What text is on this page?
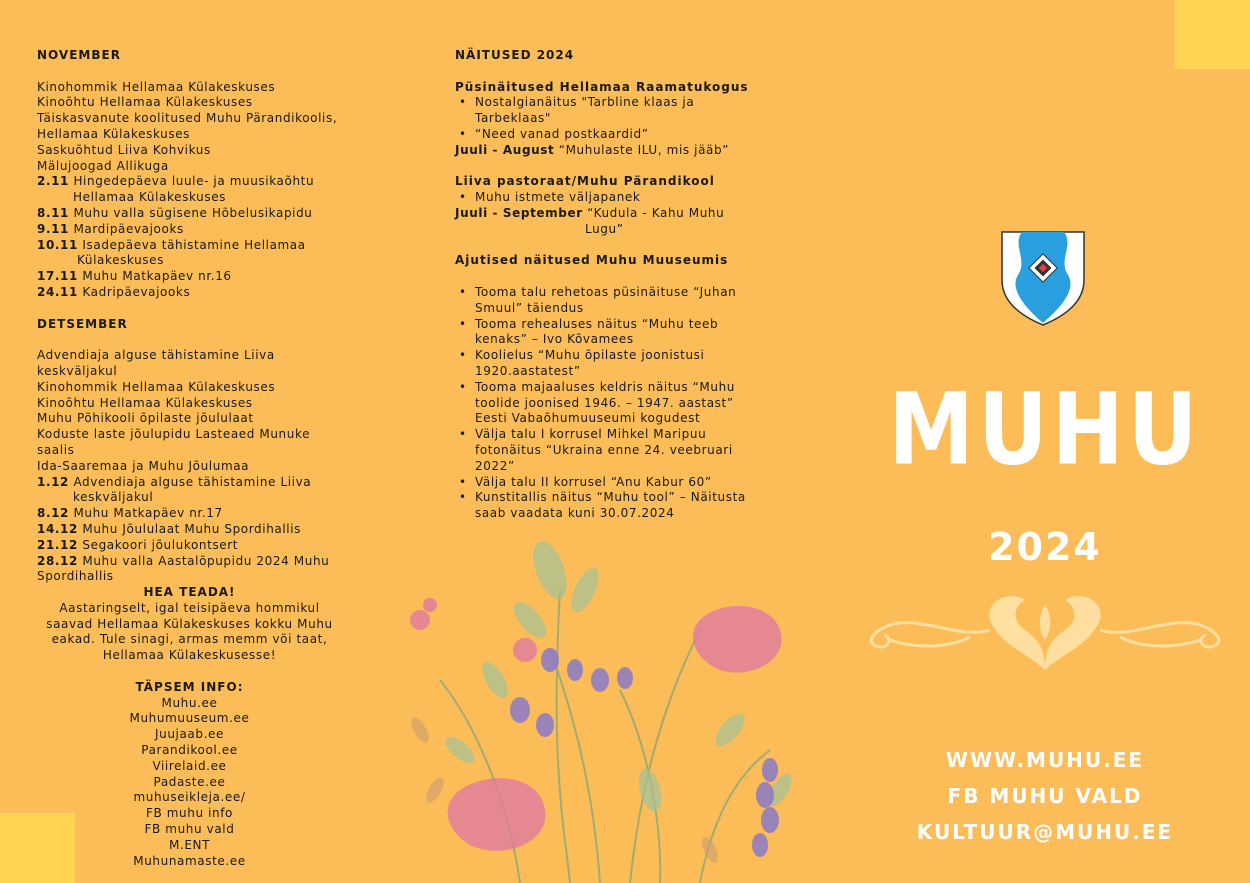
NOVEMBER
Kinohommik Hellamaa Külakeskuses
Kinoõhtu Hellamaa Külakeskuses
Täiskasvanute koolitused Muhu Pärandikoolis, Hellamaa Külakeskuses
Saskuõhtud Liiva Kohvikus
Mälujoogad Allikuga
2.11 Hingedepäeva luule- ja muusikaõhtu Hellamaa Külakeskuses
8.11 Muhu valla sügisene Hõbelusikapidu
9.11 Mardipäevajooks
10.11 Isadepäeva tähistamine Hellamaa Külakeskuses
17.11 Muhu Matkapäev nr.16
24.11 Kadripäevajooks
DETSEMBER
Advendiaja alguse tähistamine Liiva keskväljakul
Kinohommik Hellamaa Külakeskuses
Kinoõhtu Hellamaa Külakeskuses
Muhu Põhikooli õpilaste jõululaat
Koduste laste jõulupidu Lasteaed Munuke saalis
Ida-Saaremaa ja Muhu Jõulumaa
1.12 Advendiaja alguse tähistamine Liiva keskväljakul
8.12 Muhu Matkapäev nr.17
14.12 Muhu Jõululaat Muhu Spordihallis
21.12 Segakoori jõulukontsert
28.12 Muhu valla Aastalõpupidu 2024 Muhu Spordihallis
HEA TEADA!
Aastaringselt, igal teisipäeva hommikul saavad Hellamaa Külakeskuses kokku Muhu eakad. Tule sinagi, armas memm või taat, Hellamaa Külakeskusesse!
TÄPSEM INFO:
Muhu.ee
Muhumuuseum.ee
Juujaab.ee
Parandikool.ee
Viirelaid.ee
Padaste.ee
muhuseikleja.ee/
FB muhu info
FB muhu vald
M.ENT
Muhunamaste.ee
NÄITUSED 2024
Püsinäitused Hellamaa Raamatukogus
• Nostalgianäitus "Tarbline klaas ja Tarbeklaas"
• “Need vanad postkaardid”
Juuli - August “Muhulaste ILU, mis jääb”
Liiva pastoraat/Muhu Pärandikool
• Muhu istmete väljapanek
Juuli - September “Kudula - Kahu Muhu Lugu”
Ajutised näitused Muhu Muuseumis
• Tooma talu rehetoas püsinäituse “Juhan Smuul” täiendus
• Tooma rehealuses näitus “Muhu teeb kenaks” – Ivo Kõvamees
• Koolielus “Muhu õpilaste joonistusi 1920.aastatest”
• Tooma majaaluses keldris näitus “Muhu toolide joonised 1946. – 1947. aastast” Eesti Vabaõhumuuseumi kogudest
• Välja talu I korrusel Mihkel Maripuu fotonäitus “Ukraina enne 24. veebruari 2022”
• Välja talu II korrusel “Anu Kabur 60”
• Kunstitallis näitus “Muhu tool” – Näitusta saab vaadata kuni 30.07.2024
MUHU
2024
WWW.MUHU.EE
FB MUHU VALD
KULTUUR@MUHU.EE
